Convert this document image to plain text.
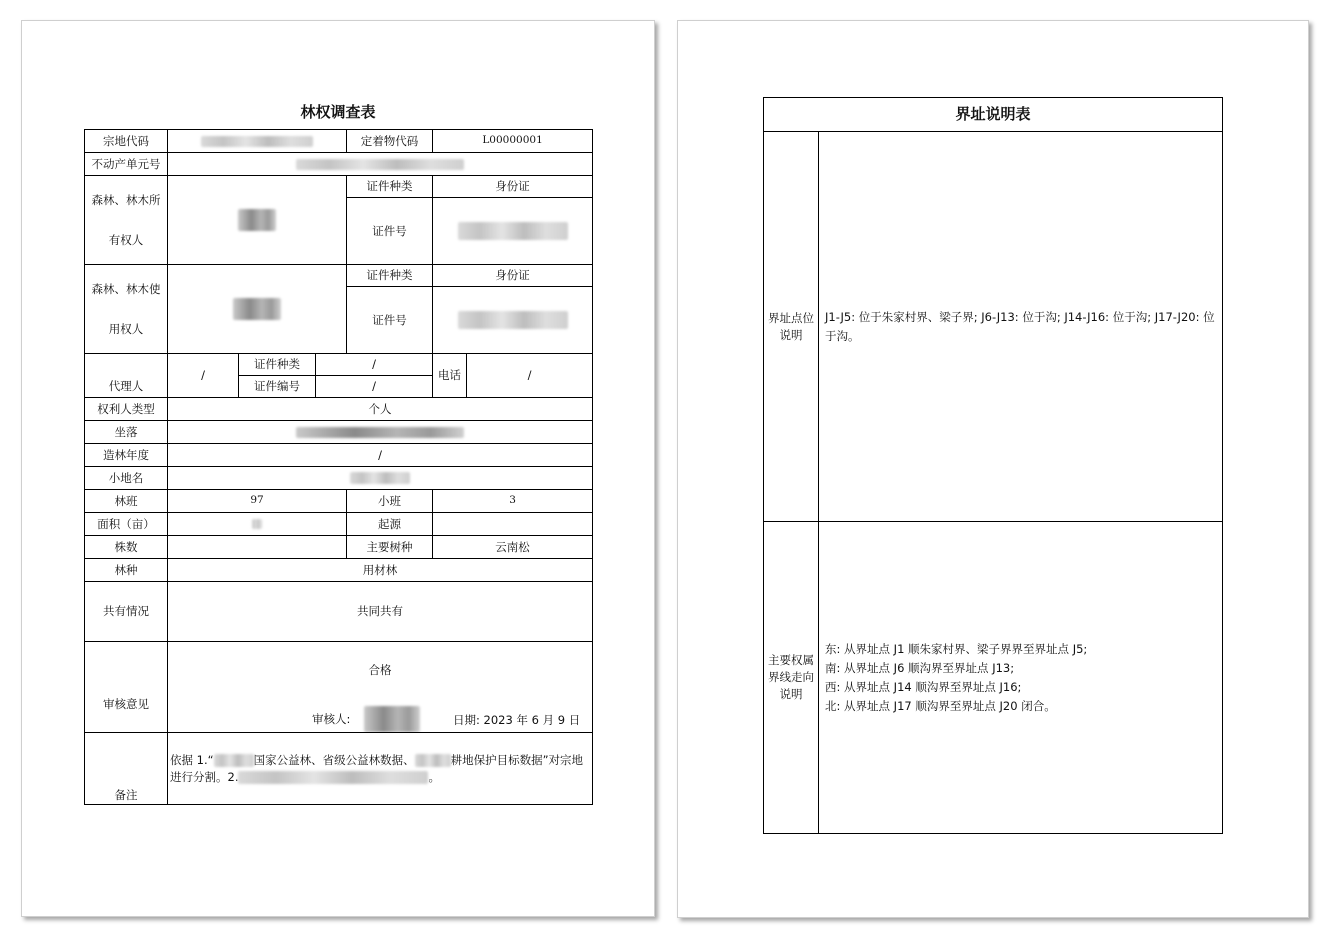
林权调查表
宗地代码				定着物代码	L00000001	
不动产单元号						
森林、林木所
有权人				证件种类	身份证	
				证件号		
森林、林木使
用权人				证件种类	身份证	
				证件号		
代理人	/	证件种类	/		电话	/
		证件编号	/			
权利人类型	个人					
坐落						
造林年度	/					
小地名						
林班	97			小班	3	
面积（亩）				起源		
株数				主要树种	云南松	
林种	用材林					
共有情况	共同共有					
审核意见	合格
审核人: 日期: 2023 年 6 月 9 日					

备注	依据 1.“ 国家公益林、省级公益林数据、 耕地保护目标数据”对宗地进行分割。2. 。					
界址说明表	
界址点位说明	J1-J5: 位于朱家村界、梁子界; J6-J13: 位于沟; J14-J16: 位于沟; J17-J20: 位于沟。
主要权属界线走向说明	东: 从界址点 J1 顺朱家村界、梁子界界至界址点 J5;
南: 从界址点 J6 顺沟界至界址点 J13;
西: 从界址点 J14 顺沟界至界址点 J16;
北: 从界址点 J17 顺沟界至界址点 J20 闭合。
